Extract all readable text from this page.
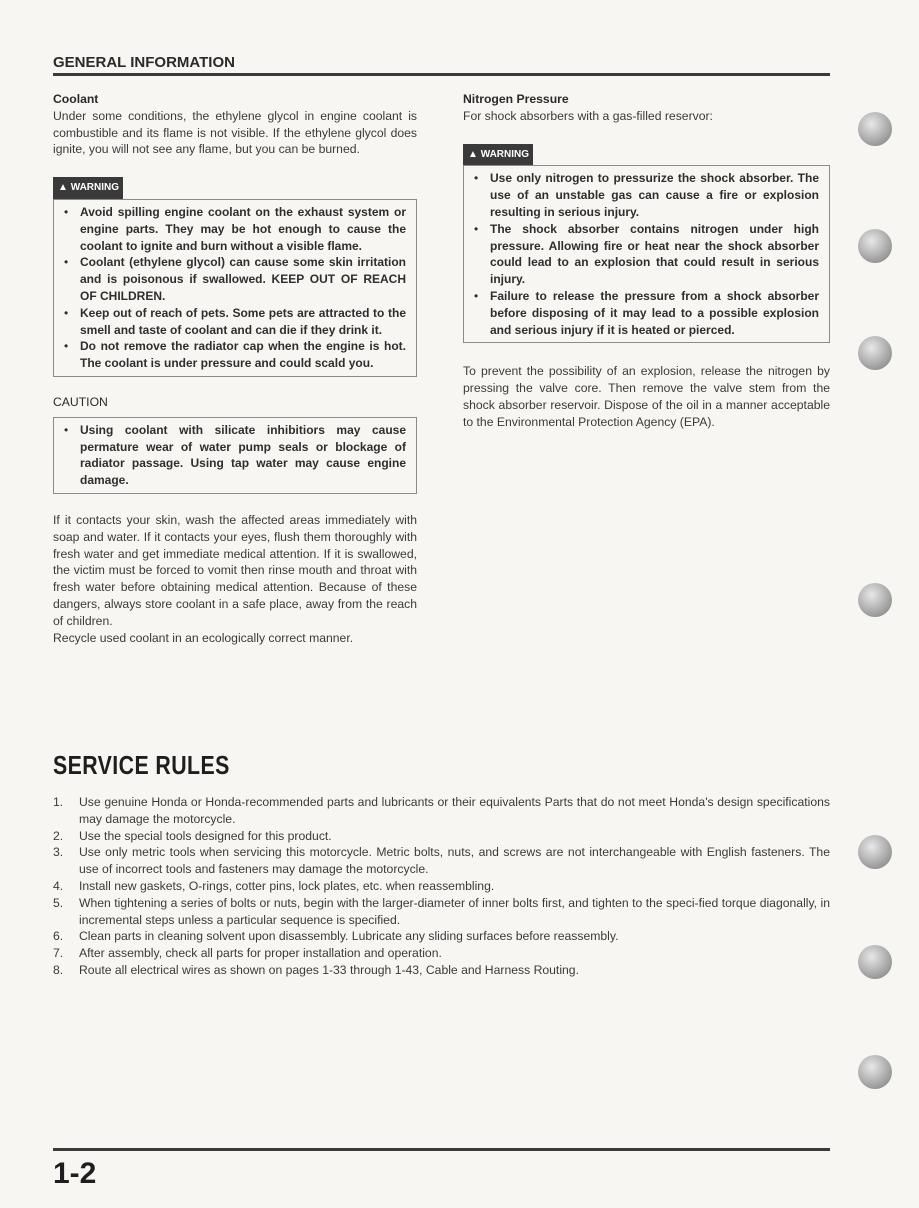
GENERAL INFORMATION
Coolant
Under some conditions, the ethylene glycol in engine coolant is combustible and its flame is not visible. If the ethylene glycol does ignite, you will not see any flame, but you can be burned.
▲ WARNING
• Avoid spilling engine coolant on the exhaust system or engine parts. They may be hot enough to cause the coolant to ignite and burn without a visible flame.
• Coolant (ethylene glycol) can cause some skin irritation and is poisonous if swallowed. KEEP OUT OF REACH OF CHILDREN.
• Keep out of reach of pets. Some pets are attracted to the smell and taste of coolant and can die if they drink it.
• Do not remove the radiator cap when the engine is hot. The coolant is under pressure and could scald you.
CAUTION
• Using coolant with silicate inhibitiors may cause permature wear of water pump seals or blockage of radiator passage. Using tap water may cause engine damage.
If it contacts your skin, wash the affected areas immediately with soap and water. If it contacts your eyes, flush them thoroughly with fresh water and get immediate medical attention. If it is swallowed, the victim must be forced to vomit then rinse mouth and throat with fresh water before obtaining medical attention. Because of these dangers, always store coolant in a safe place, away from the reach of children.
Recycle used coolant in an ecologically correct manner.
Nitrogen Pressure
For shock absorbers with a gas-filled reservor:
▲ WARNING
• Use only nitrogen to pressurize the shock absorber. The use of an unstable gas can cause a fire or explosion resulting in serious injury.
• The shock absorber contains nitrogen under high pressure. Allowing fire or heat near the shock absorber could lead to an explosion that could result in serious injury.
• Failure to release the pressure from a shock absorber before disposing of it may lead to a possible explosion and serious injury if it is heated or pierced.
To prevent the possibility of an explosion, release the nitrogen by pressing the valve core. Then remove the valve stem from the shock absorber reservoir. Dispose of the oil in a manner acceptable to the Environmental Protection Agency (EPA).
SERVICE RULES
1. Use genuine Honda or Honda-recommended parts and lubricants or their equivalents Parts that do not meet Honda's design specifications may damage the motorcycle.
2. Use the special tools designed for this product.
3. Use only metric tools when servicing this motorcycle. Metric bolts, nuts, and screws are not interchangeable with English fasteners. The use of incorrect tools and fasteners may damage the motorcycle.
4. Install new gaskets, O-rings, cotter pins, lock plates, etc. when reassembling.
5. When tightening a series of bolts or nuts, begin with the larger-diameter of inner bolts first, and tighten to the speci-fied torque diagonally, in incremental steps unless a particular sequence is specified.
6. Clean parts in cleaning solvent upon disassembly. Lubricate any sliding surfaces before reassembly.
7. After assembly, check all parts for proper installation and operation.
8. Route all electrical wires as shown on pages 1-33 through 1-43, Cable and Harness Routing.
1-2
